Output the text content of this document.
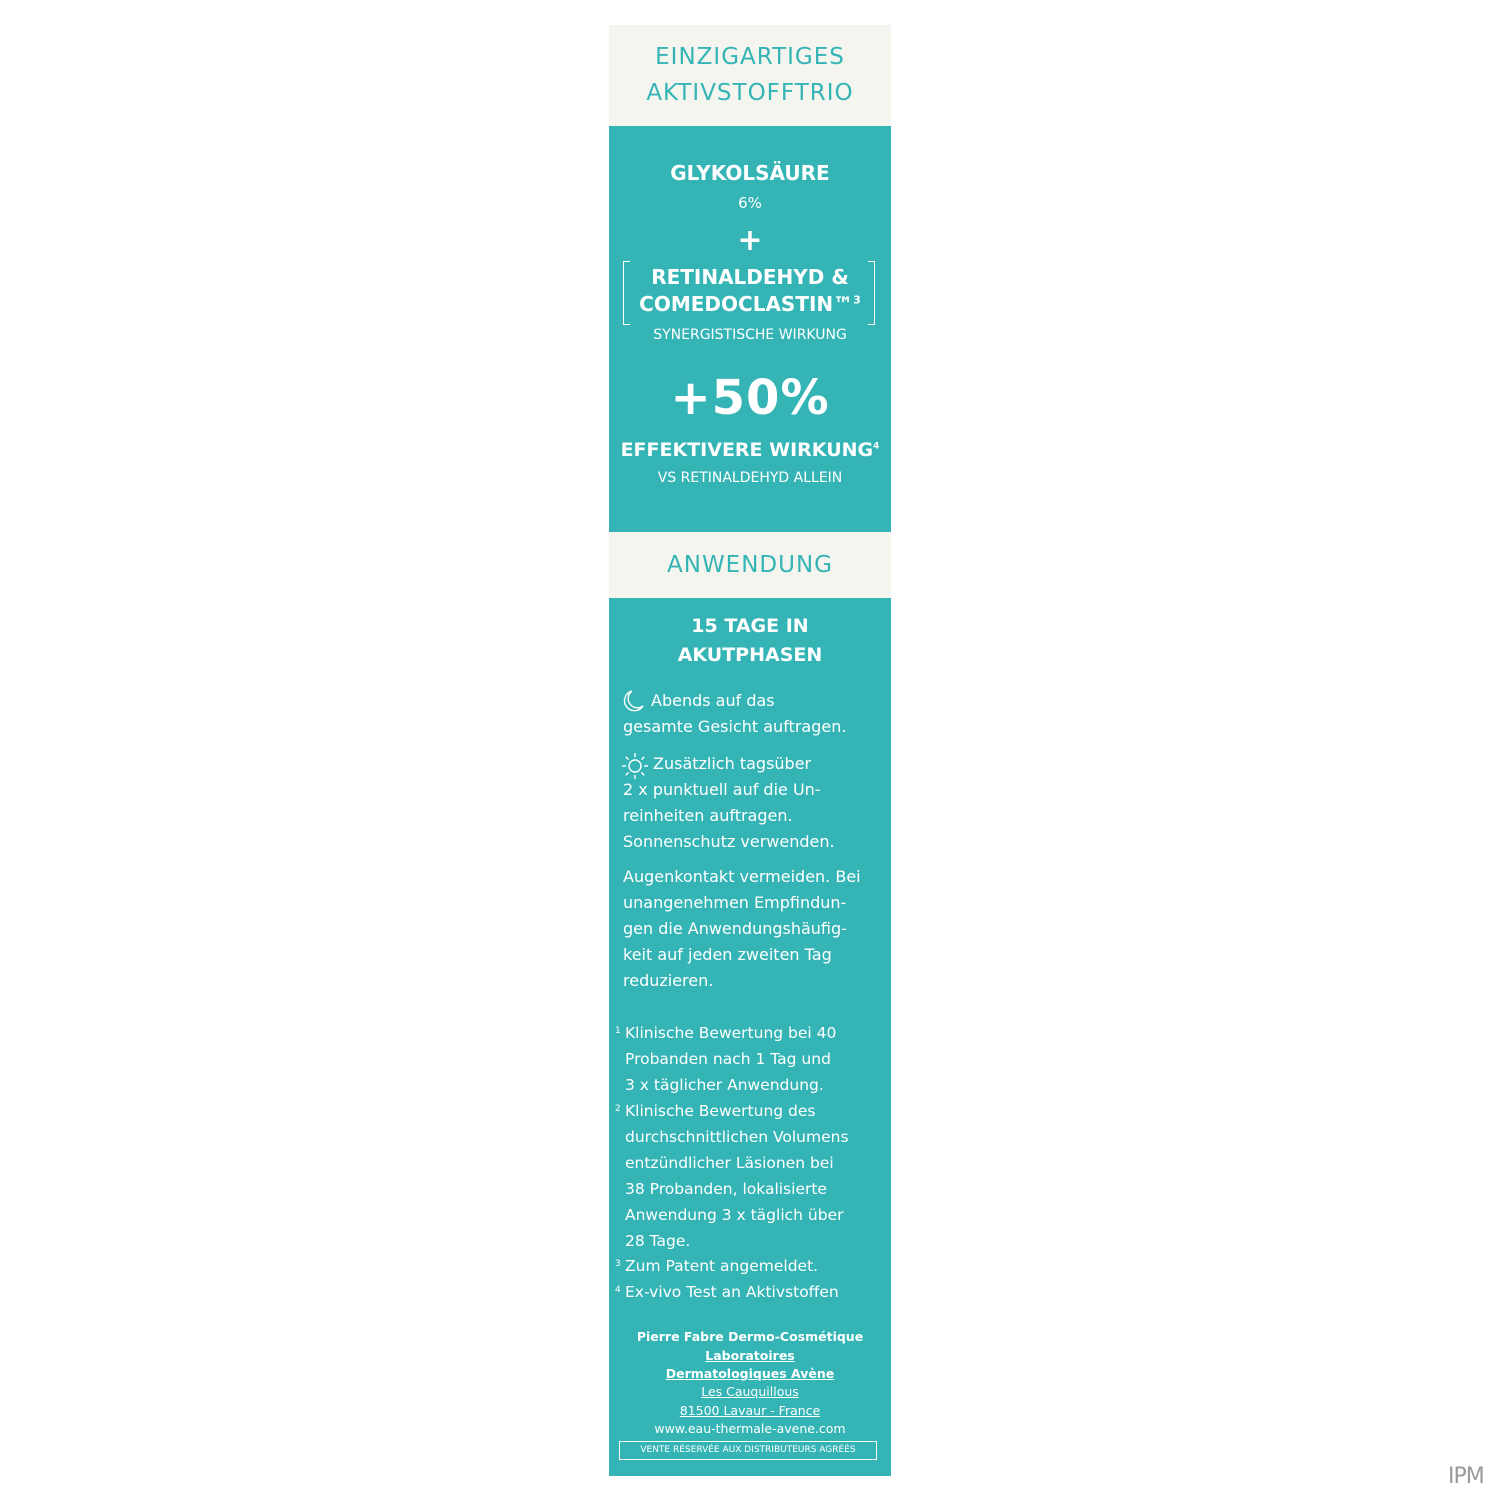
EINZIGARTIGES
AKTIVSTOFFTRIO
GLYKOLSÄURE
6%
+
RETINALDEHYD &
COMEDOCLASTIN™$^3$
SYNERGISTISCHE WIRKUNG
+50%
EFFEKTIVERE WIRKUNG$^4$
VS RETINALDEHYD ALLEIN
ANWENDUNG
15 TAGE IN
AKUTPHASEN
Abends auf das
gesamte Gesicht auftragen.
Zusätzlich tagsüber
2 x punktuell auf die Un-
reinheiten auftragen.
Sonnenschutz verwenden.
Augenkontakt vermeiden. Bei
unangenehmen Empfindun-
gen die Anwendungshäufig-
keit auf jeden zweiten Tag
reduzieren.
1 Klinische Bewertung bei 40
Probanden nach 1 Tag und
3 x täglicher Anwendung.
2 Klinische Bewertung des
durchschnittlichen Volumens
entzündlicher Läsionen bei
38 Probanden, lokalisierte
Anwendung 3 x täglich über
28 Tage.
3 Zum Patent angemeldet.
4 Ex-vivo Test an Aktivstoffen
Pierre Fabre Dermo-Cosmétique
Laboratoires
Dermatologiques Avène
Les Cauquillous
81500 Lavaur - France
www.eau-thermale-avene.com
VENTE RÉSERVÉE AUX DISTRIBUTEURS AGRÉÉS
IPM
